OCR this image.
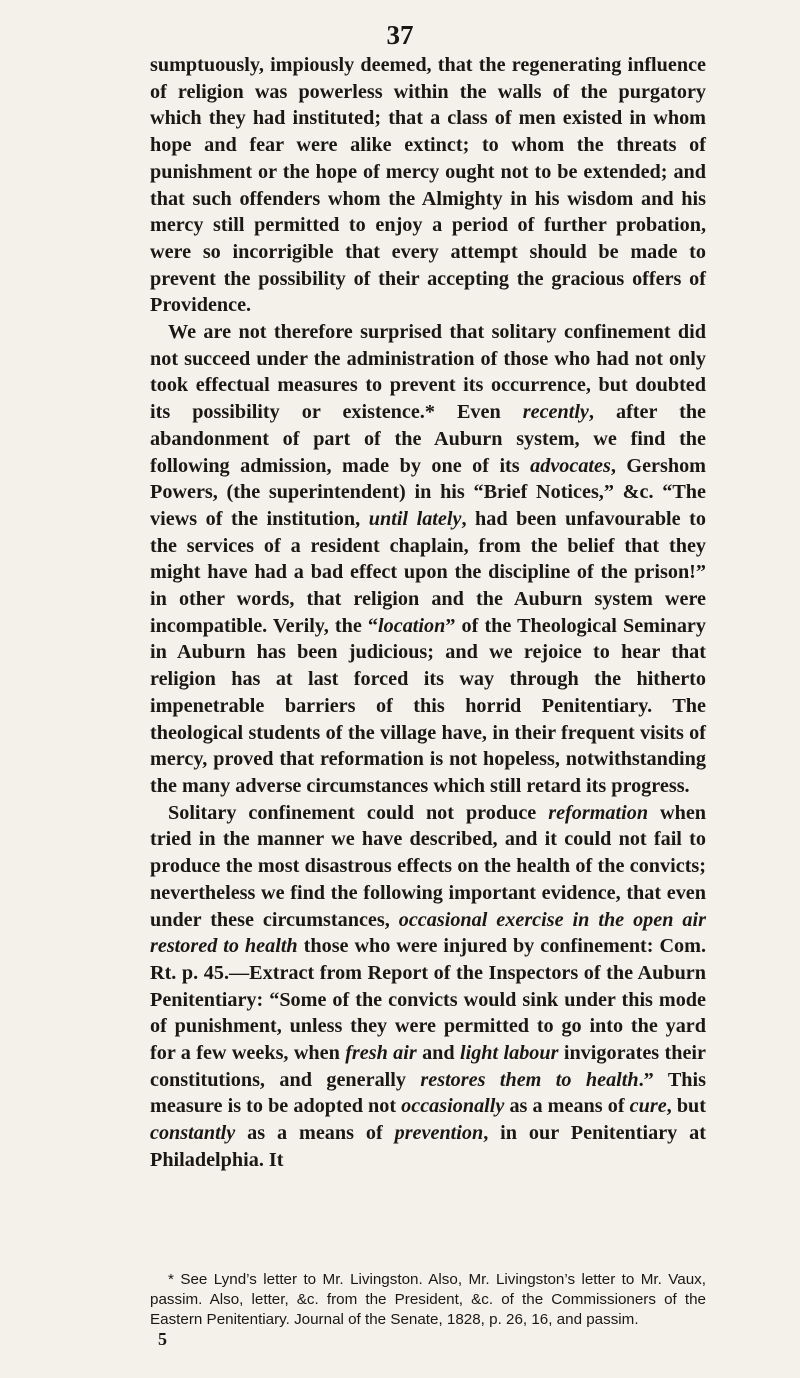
37

sumptuously, impiously deemed, that the regenerating influence of religion was powerless within the walls of the purgatory which they had instituted; that a class of men existed in whom hope and fear were alike extinct; to whom the threats of punishment or the hope of mercy ought not to be extended; and that such offenders whom the Almighty in his wisdom and his mercy still permitted to enjoy a period of further probation, were so incorrigible that every attempt should be made to prevent the possibility of their accepting the gracious offers of Providence.

We are not therefore surprised that solitary confinement did not succeed under the administration of those who had not only took effectual measures to prevent its occurrence, but doubted its possibility or existence.* Even recently, after the abandonment of part of the Auburn system, we find the following admission, made by one of its advocates, Gershom Powers, (the superintendent) in his “Brief Notices,” &c. “The views of the institution, until lately, had been unfavourable to the services of a resident chaplain, from the belief that they might have had a bad effect upon the discipline of the prison!” in other words, that religion and the Auburn system were incompatible. Verily, the “location” of the Theological Seminary in Auburn has been judicious; and we rejoice to hear that religion has at last forced its way through the hitherto impenetrable barriers of this horrid Penitentiary. The theological students of the village have, in their frequent visits of mercy, proved that reformation is not hopeless, notwithstanding the many adverse circumstances which still retard its progress.

Solitary confinement could not produce reformation when tried in the manner we have described, and it could not fail to produce the most disastrous effects on the health of the convicts; nevertheless we find the following important evidence, that even under these circumstances, occasional exercise in the open air restored to health those who were injured by confinement: Com. Rt. p. 45.—Extract from Report of the Inspectors of the Auburn Penitentiary: “Some of the convicts would sink under this mode of punishment, unless they were permitted to go into the yard for a few weeks, when fresh air and light labour invigorates their constitutions, and generally restores them to health.” This measure is to be adopted not occasionally as a means of cure, but constantly as a means of prevention, in our Penitentiary at Philadelphia. It

* See Lynd’s letter to Mr. Livingston. Also, Mr. Livingston’s letter to Mr. Vaux, passim. Also, letter, &c. from the President, &c. of the Commissioners of the Eastern Penitentiary. Journal of the Senate, 1828, p. 26, 16, and passim.

5
